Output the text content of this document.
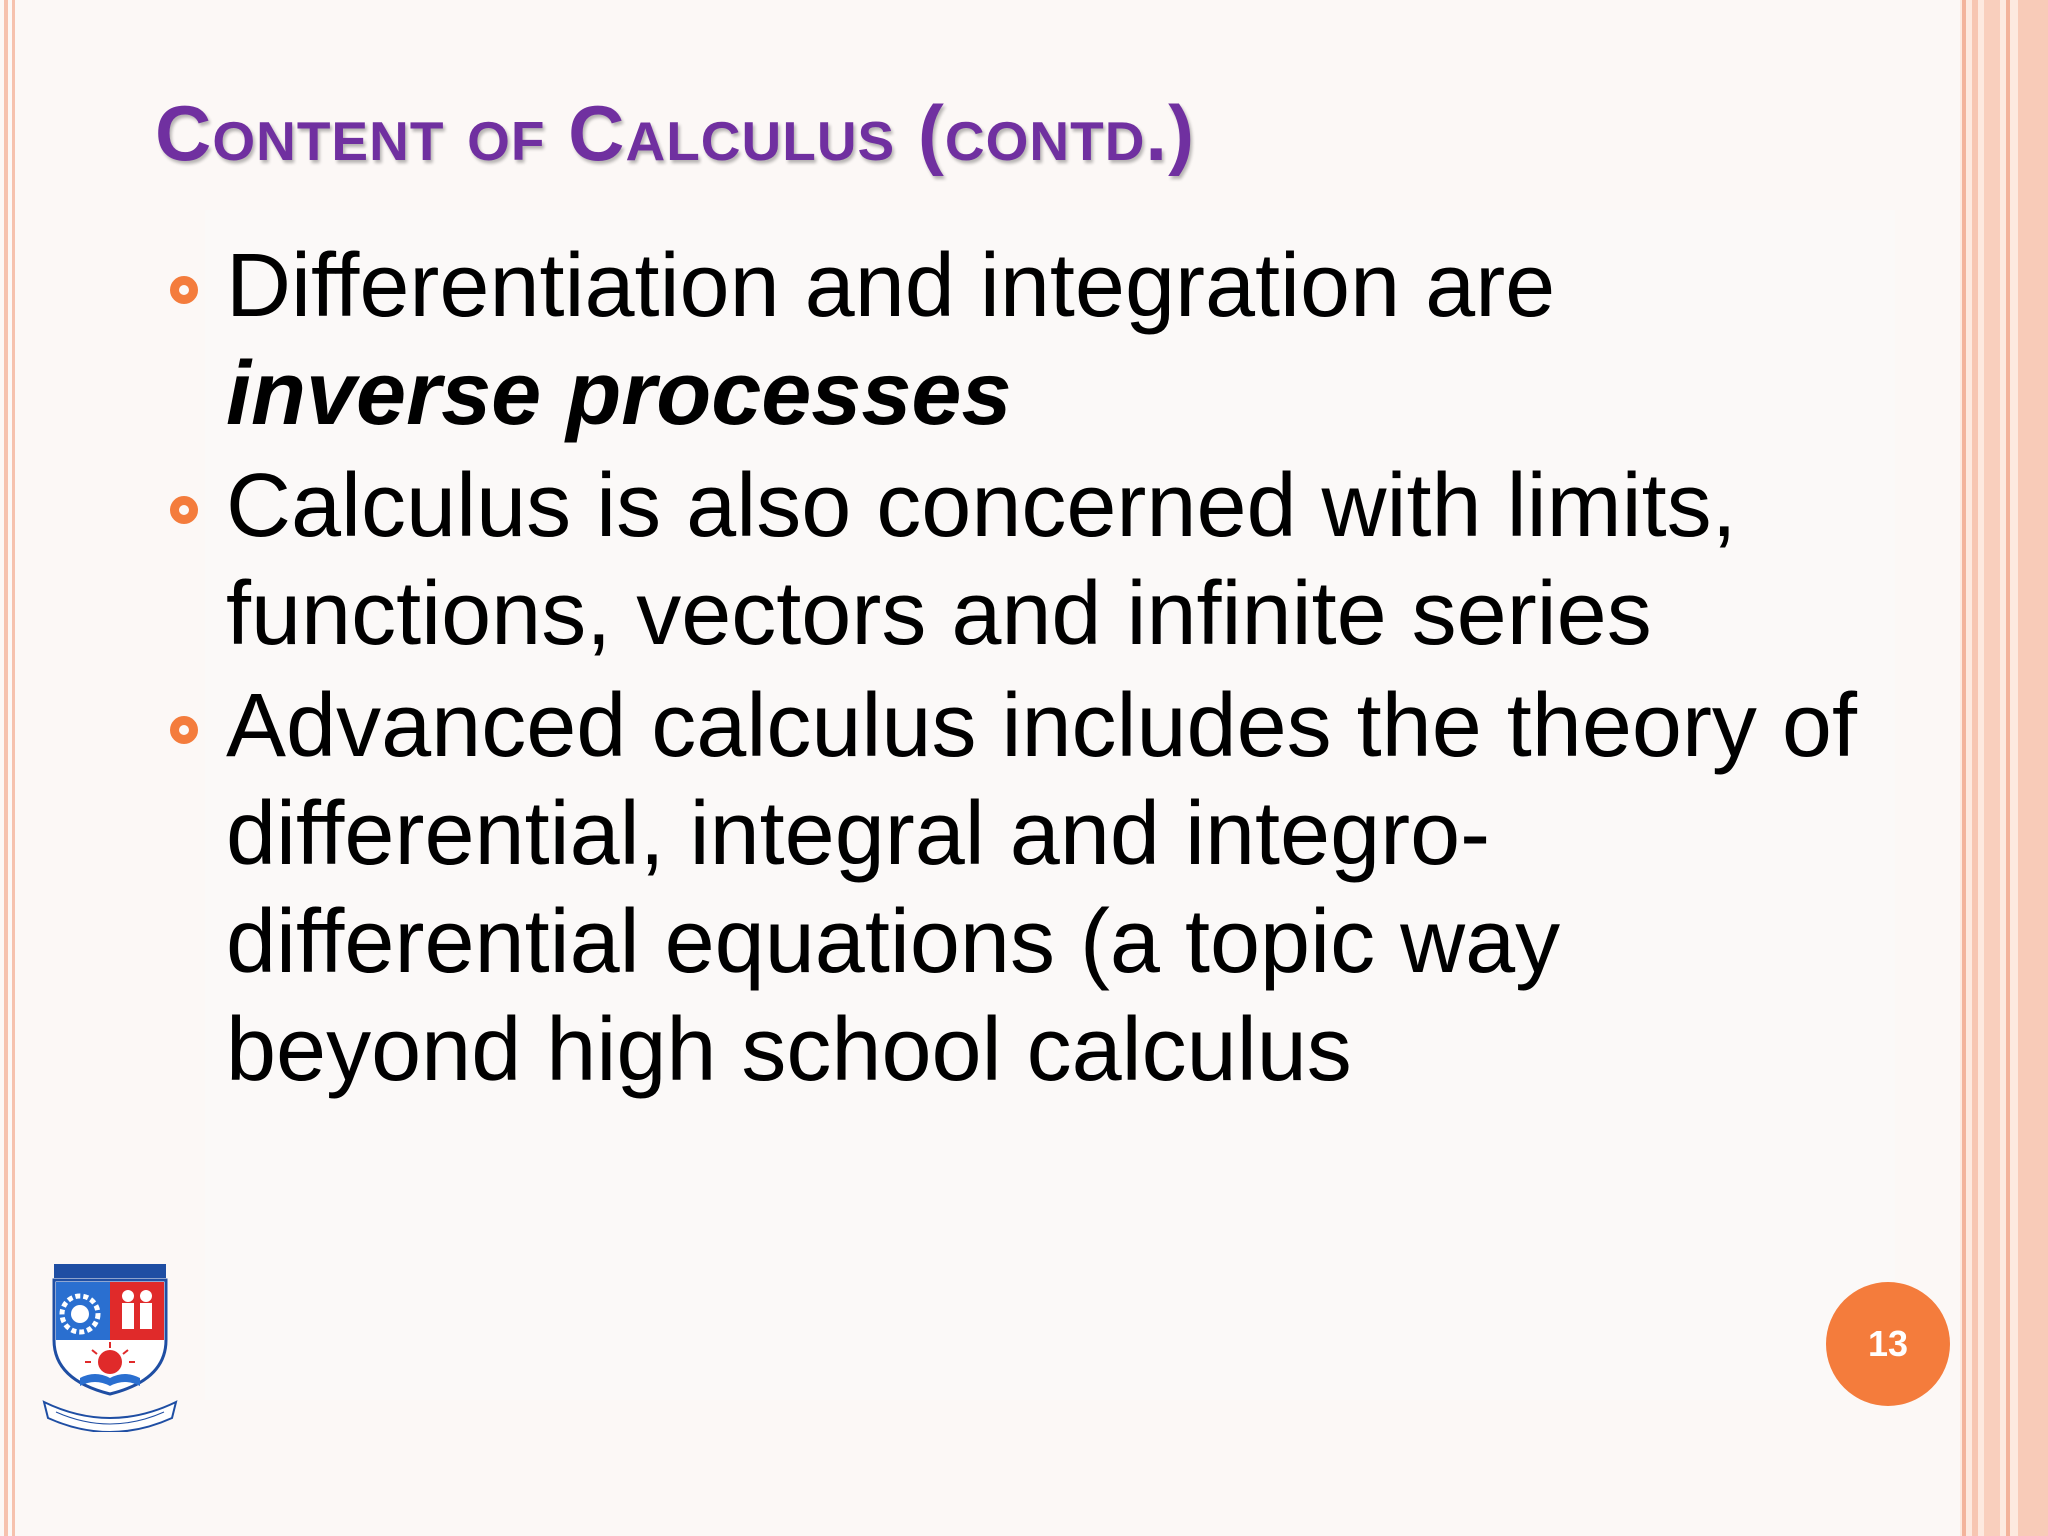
Content of Calculus (contd.)
Differentiation and integration are inverse processes
Calculus is also concerned with limits, functions, vectors and infinite series
Advanced calculus includes the theory of differential, integral and integro-differential equations (a topic way beyond high school calculus
13
